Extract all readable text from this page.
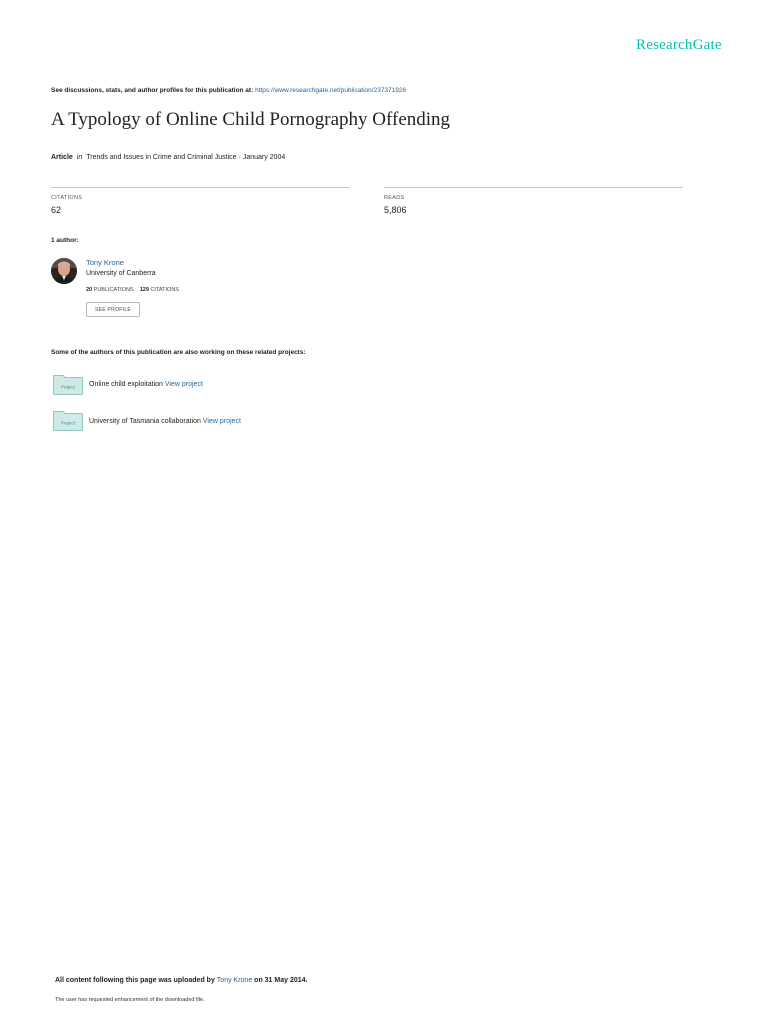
ResearchGate
See discussions, stats, and author profiles for this publication at: https://www.researchgate.net/publication/237371926
A Typology of Online Child Pornography Offending
Article in Trends and Issues in Crime and Criminal Justice · January 2004
CITATIONS
62
READS
5,806
1 author:
Tony Krone
University of Canberra
20 PUBLICATIONS 129 CITATIONS
SEE PROFILE
Some of the authors of this publication are also working on these related projects:
Project Online child exploitation View project
Project University of Tasmania collaboration View project
All content following this page was uploaded by Tony Krone on 31 May 2014.
The user has requested enhancement of the downloaded file.
